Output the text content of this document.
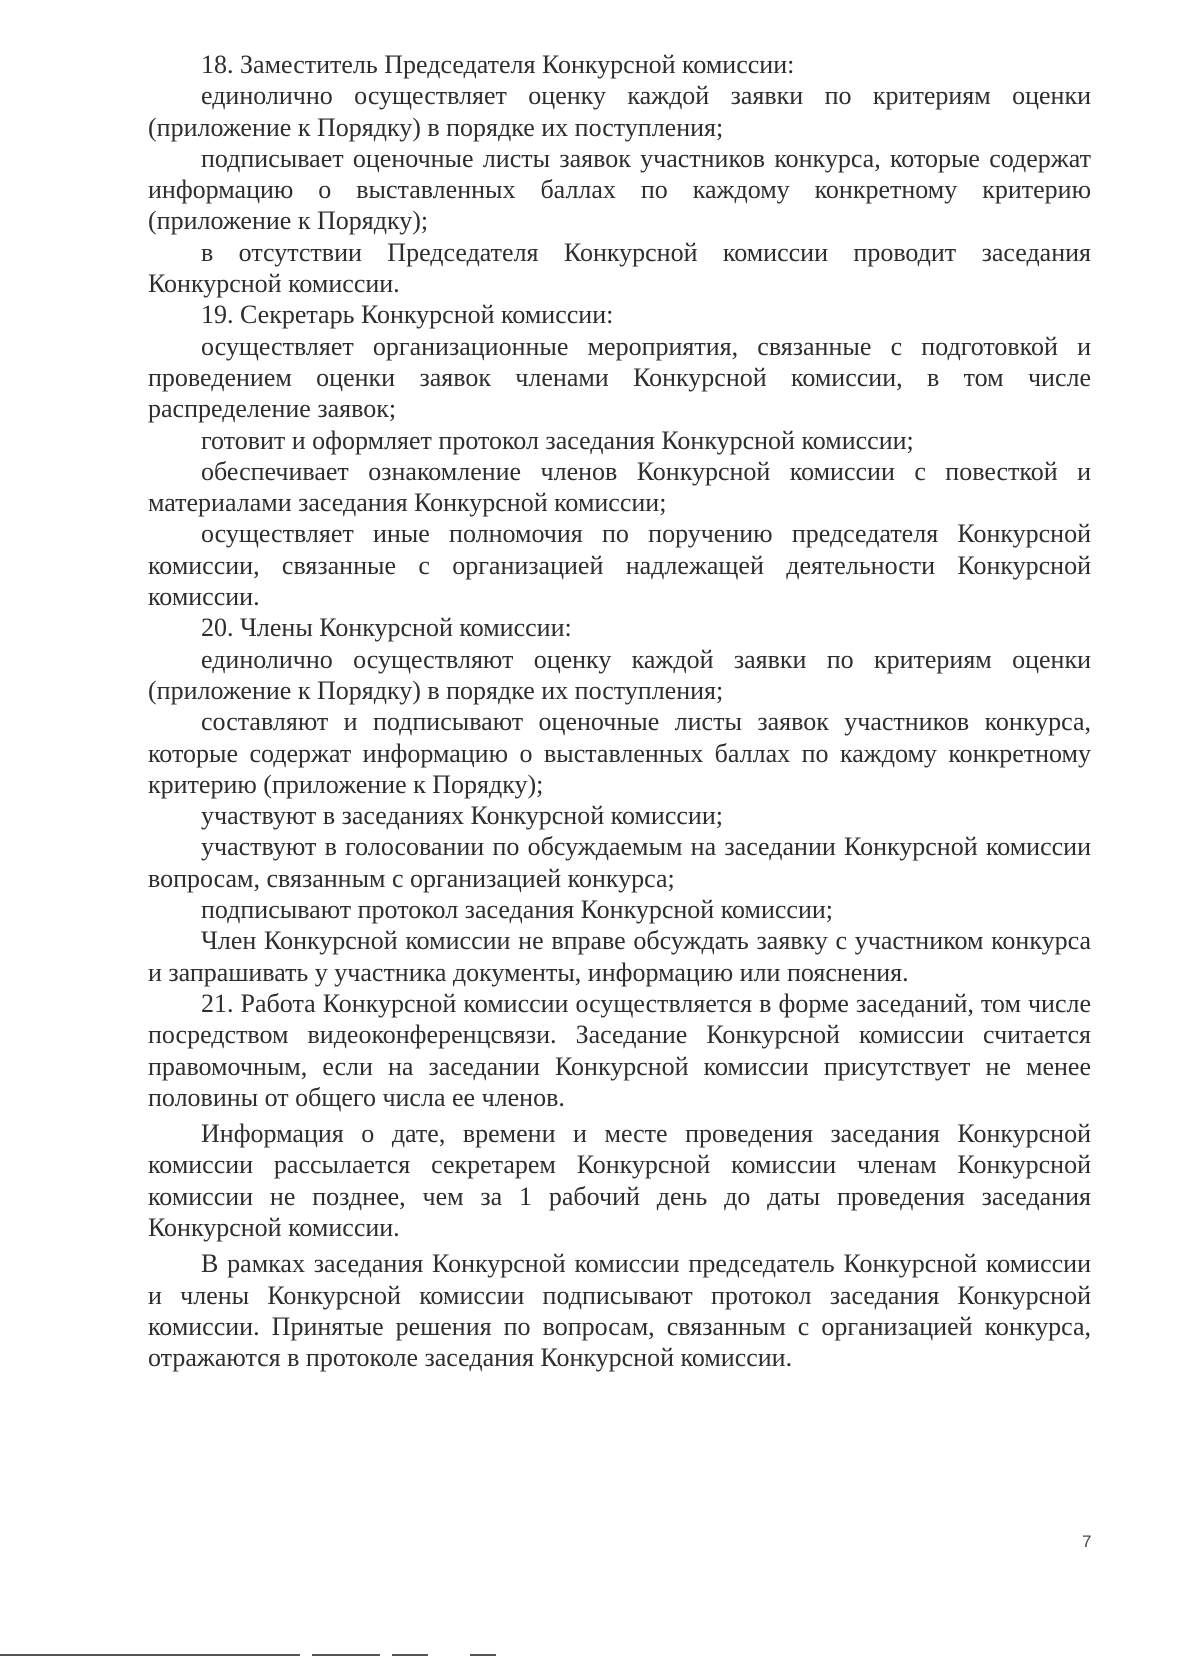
18. Заместитель Председателя Конкурсной комиссии:

единолично осуществляет оценку каждой заявки по критериям оценки (приложение к Порядку) в порядке их поступления;

подписывает оценочные листы заявок участников конкурса, которые содержат информацию о выставленных баллах по каждому конкретному критерию (приложение к Порядку);

в отсутствии Председателя Конкурсной комиссии проводит заседания Конкурсной комиссии.

19. Секретарь Конкурсной комиссии:

осуществляет организационные мероприятия, связанные с подготовкой и проведением оценки заявок членами Конкурсной комиссии, в том числе распределение заявок;

готовит и оформляет протокол заседания Конкурсной комиссии;

обеспечивает ознакомление членов Конкурсной комиссии с повесткой и материалами заседания Конкурсной комиссии;

осуществляет иные полномочия по поручению председателя Конкурсной комиссии, связанные с организацией надлежащей деятельности Конкурсной комиссии.

20. Члены Конкурсной комиссии:

единолично осуществляют оценку каждой заявки по критериям оценки (приложение к Порядку) в порядке их поступления;

составляют и подписывают оценочные листы заявок участников конкурса, которые содержат информацию о выставленных баллах по каждому конкретному критерию (приложение к Порядку);

участвуют в заседаниях Конкурсной комиссии;

участвуют в голосовании по обсуждаемым на заседании Конкурсной комиссии вопросам, связанным с организацией конкурса;

подписывают протокол заседания Конкурсной комиссии;

Член Конкурсной комиссии не вправе обсуждать заявку с участником конкурса и запрашивать у участника документы, информацию или пояснения.

21. Работа Конкурсной комиссии осуществляется в форме заседаний, том числе посредством видеоконференцсвязи. Заседание Конкурсной комиссии считается правомочным, если на заседании Конкурсной комиссии присутствует не менее половины от общего числа ее членов.

Информация о дате, времени и месте проведения заседания Конкурсной комиссии рассылается секретарем Конкурсной комиссии членам Конкурсной комиссии не позднее, чем за 1 рабочий день до даты проведения заседания Конкурсной комиссии.

В рамках заседания Конкурсной комиссии председатель Конкурсной комиссии и члены Конкурсной комиссии подписывают протокол заседания Конкурсной комиссии. Принятые решения по вопросам, связанным с организацией конкурса, отражаются в протоколе заседания Конкурсной комиссии.

7
